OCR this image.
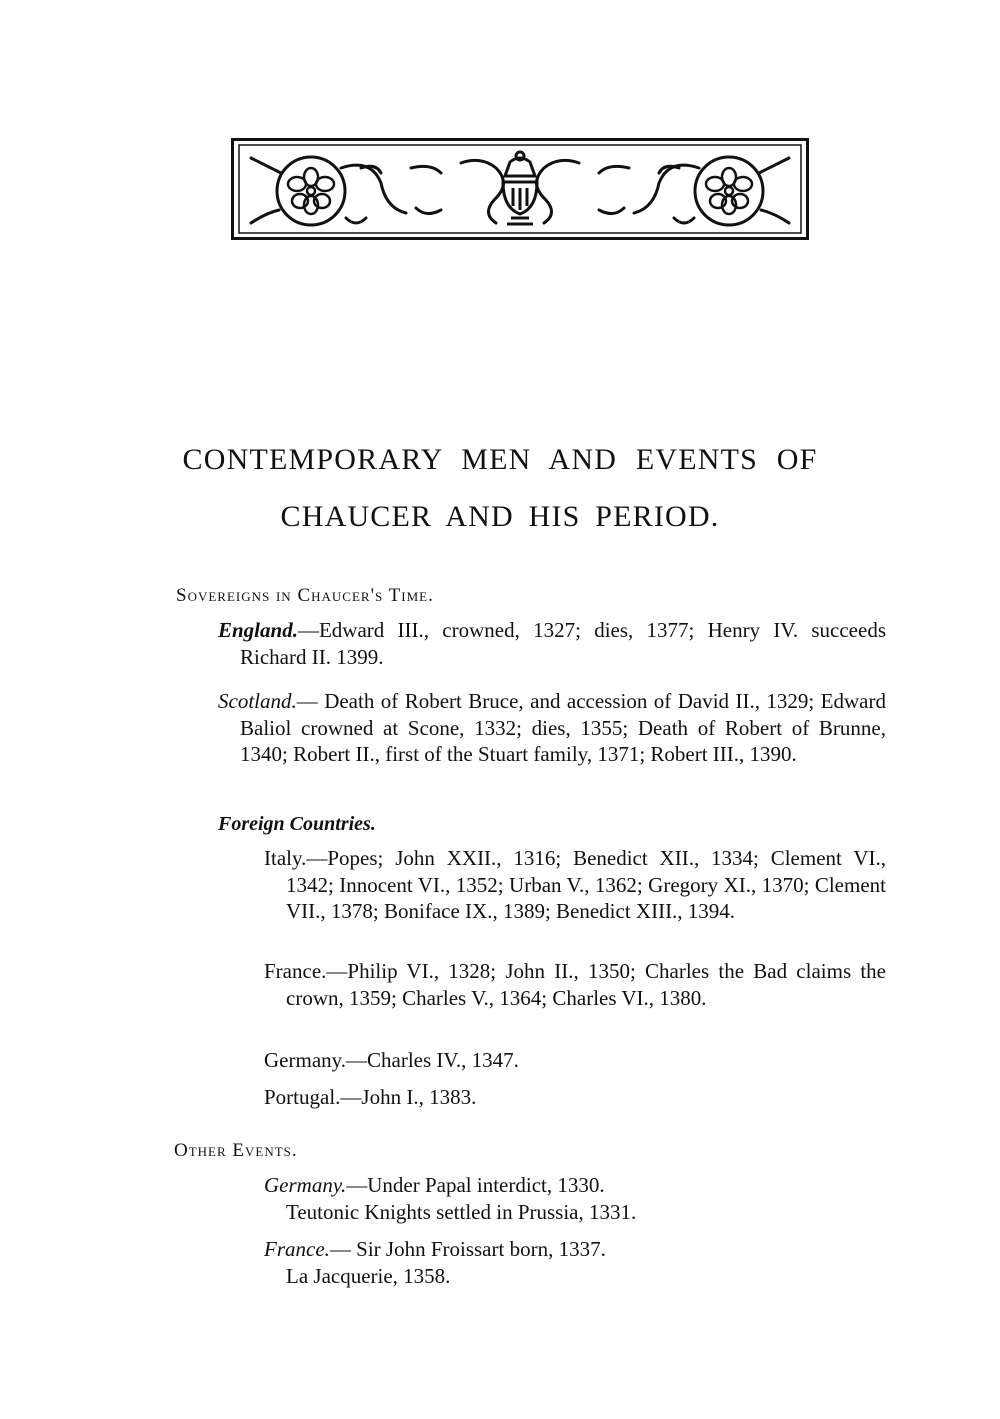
CONTEMPORARY MEN AND EVENTS OF
CHAUCER AND HIS PERIOD.
Sovereigns in Chaucer's Time.
England.—Edward III., crowned, 1327; dies, 1377; Henry IV. succeeds Richard II. 1399.
Scotland.— Death of Robert Bruce, and accession of David II., 1329; Edward Baliol crowned at Scone, 1332; dies, 1355; Death of Robert of Brunne, 1340; Robert II., first of the Stuart family, 1371; Robert III., 1390.
Foreign Countries.
Italy.—Popes; John XXII., 1316; Benedict XII., 1334; Clement VI., 1342; Innocent VI., 1352; Urban V., 1362; Gregory XI., 1370; Clement VII., 1378; Boniface IX., 1389; Benedict XIII., 1394.
France.—Philip VI., 1328; John II., 1350; Charles the Bad claims the crown, 1359; Charles V., 1364; Charles VI., 1380.
Germany.—Charles IV., 1347.
Portugal.—John I., 1383.
Other Events.
Germany.—Under Papal interdict, 1330.
Teutonic Knights settled in Prussia, 1331.
France.— Sir John Froissart born, 1337.
La Jacquerie, 1358.
